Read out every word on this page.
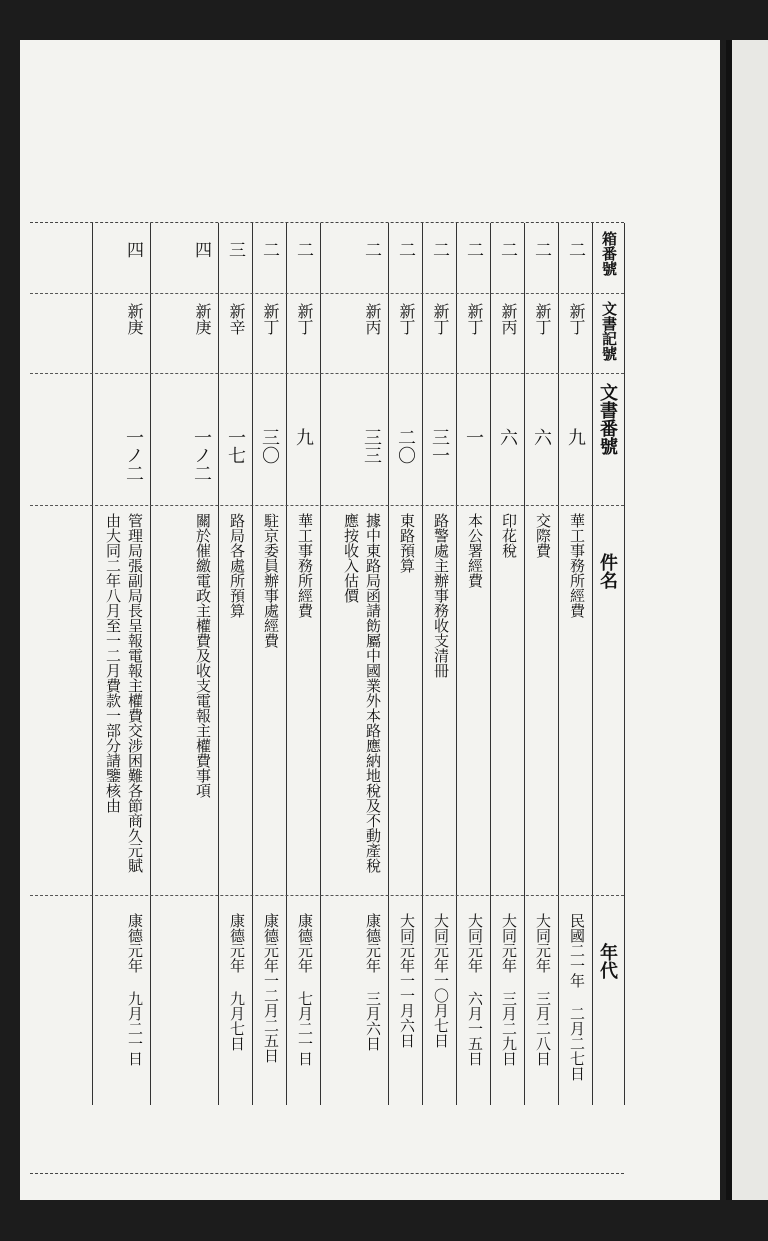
箱番號
文書記號
文書番號
件名
年代
二
新丁
九
華工事務所經費
民國二一年 二月二七日
二
新丁
六
交際費
大同元年 三月二八日
二
新丙
六
印花稅
大同元年 三月二九日
二
新丁
一
本公署經費
大同元年 六月一五日
二
新丁
三一
路警處主辦事務收支清冊
大同元年一〇月七日
二
新丁
二〇
東路預算
大同元年一一月六日
二
新丙
三三
據中東路局函請飭屬中國業外本路應納地稅及不動產稅應按收入估價
康德元年 三月六日
二
新丁
九
華工事務所經費
康德元年 七月二一日
二
新丁
三〇
駐京委員辦事處經費
康德元年一二月二五日
三
新辛
一七
路局各處所預算
康德元年 九月七日
四
新庚
一ノ二
關於催繳電政主權費及收支電報主權費事項
四
新庚
一ノ二
管理局張副局長呈報電報主權費交涉困難各節商久元賦由大同二年八月至一二月費款一部分請鑒核由
康德元年 九月二一日
